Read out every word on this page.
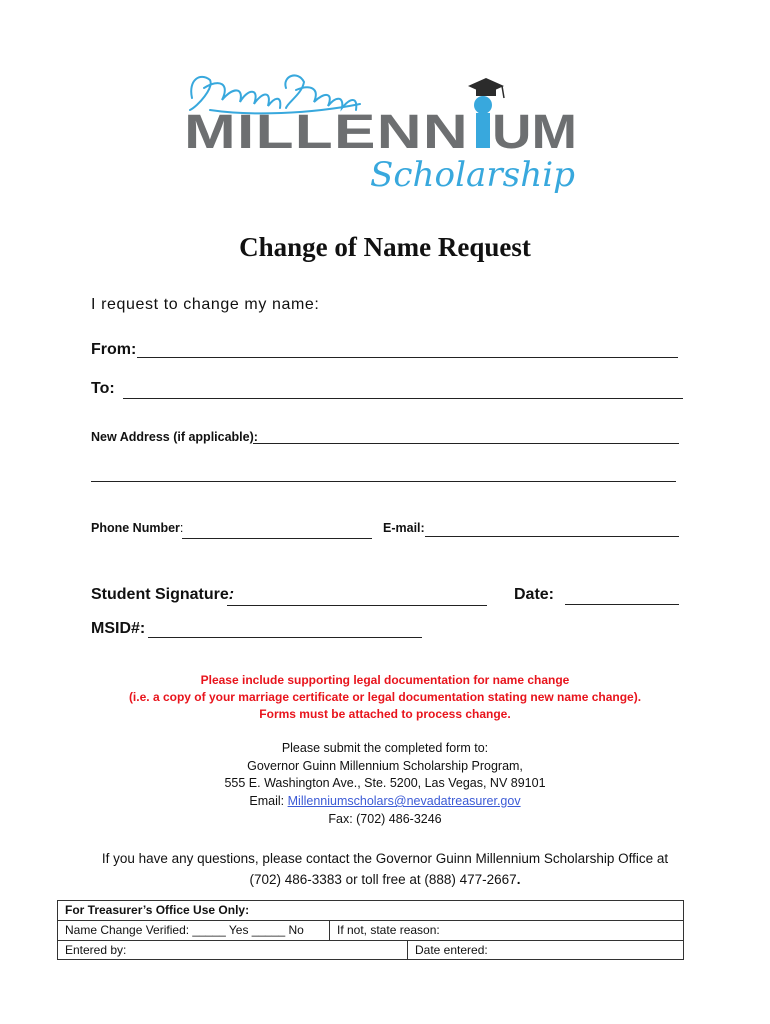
MILLENN UM
Scholarship
Change of Name Request
I request to change my name:
From:
To:
New Address (if applicable):
Phone Number:	E-mail:
Student Signature:	Date:
MSID#:
Please include supporting legal documentation for name change
(i.e. a copy of your marriage certificate or legal documentation stating new name change).
Forms must be attached to process change.
Please submit the completed form to:
Governor Guinn Millennium Scholarship Program,
555 E. Washington Ave., Ste. 5200, Las Vegas, NV 89101
Email: Millenniumscholars@nevadatreasurer.gov
Fax: (702) 486-3246
If you have any questions, please contact the Governor Guinn Millennium Scholarship Office at
(702) 486-3383 or toll free at (888) 477-2667.
For Treasurer’s Office Use Only:
Name Change Verified: _____ Yes _____ No	If not, state reason:
Entered by:	Date entered:
